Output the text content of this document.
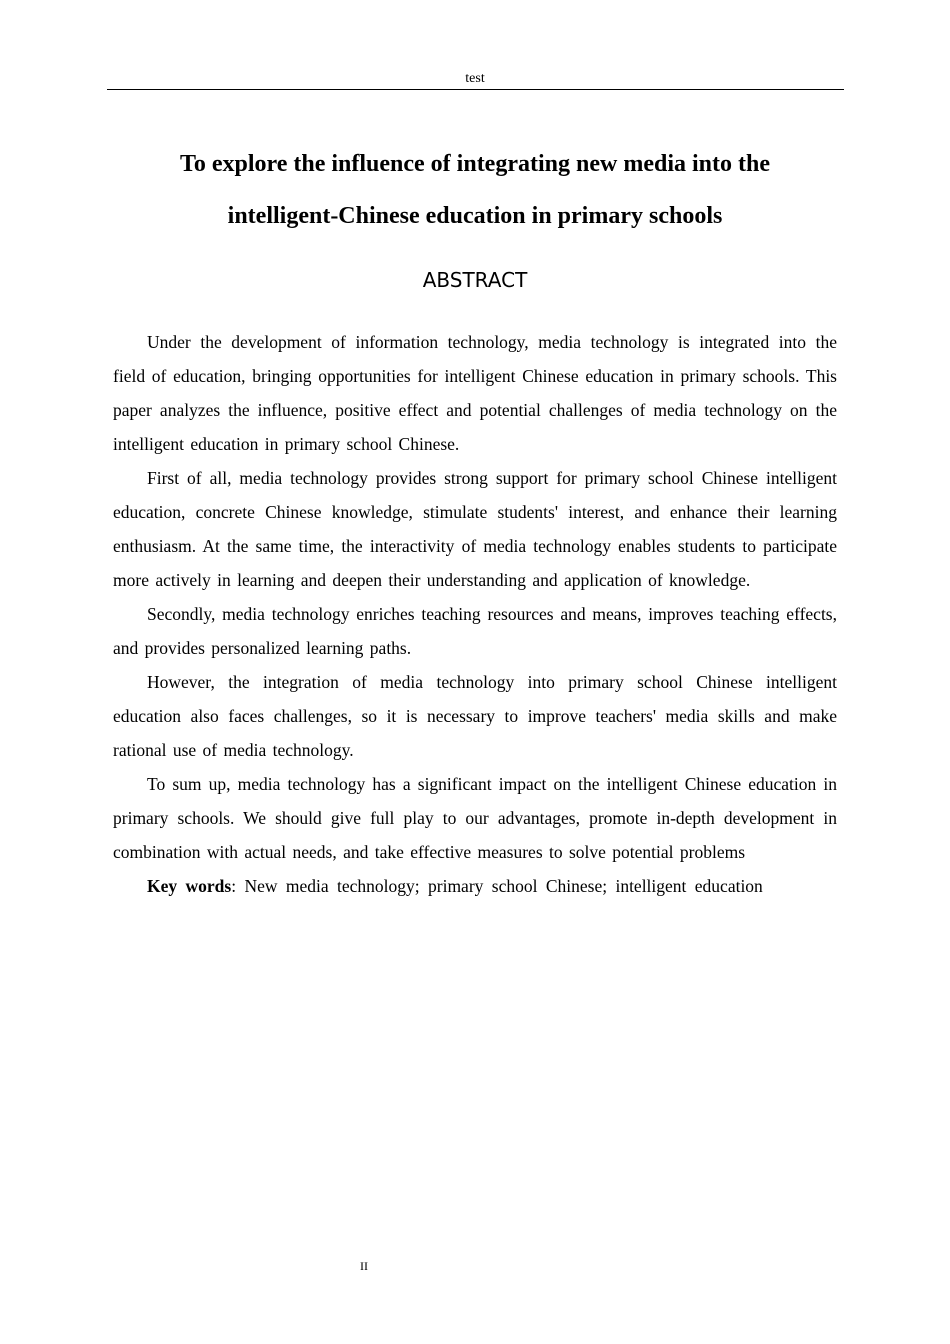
test
To explore the influence of integrating new media into the
intelligent-Chinese education in primary schools
ABSTRACT

Under the development of information technology, media technology is integrated into the field of education, bringing opportunities for intelligent Chinese education in primary schools. This paper analyzes the influence, positive effect and potential challenges of media technology on the intelligent education in primary school Chinese.

First of all, media technology provides strong support for primary school Chinese intelligent education, concrete Chinese knowledge, stimulate students' interest, and enhance their learning enthusiasm. At the same time, the interactivity of media technology enables students to participate more actively in learning and deepen their understanding and application of knowledge.

Secondly, media technology enriches teaching resources and means, improves teaching effects, and provides personalized learning paths.

However, the integration of media technology into primary school Chinese intelligent education also faces challenges, so it is necessary to improve teachers' media skills and make rational use of media technology.

To sum up, media technology has a significant impact on the intelligent Chinese education in primary schools. We should give full play to our advantages, promote in-depth development in combination with actual needs, and take effective measures to solve potential problems

Key words: New media technology; primary school Chinese; intelligent education

II
